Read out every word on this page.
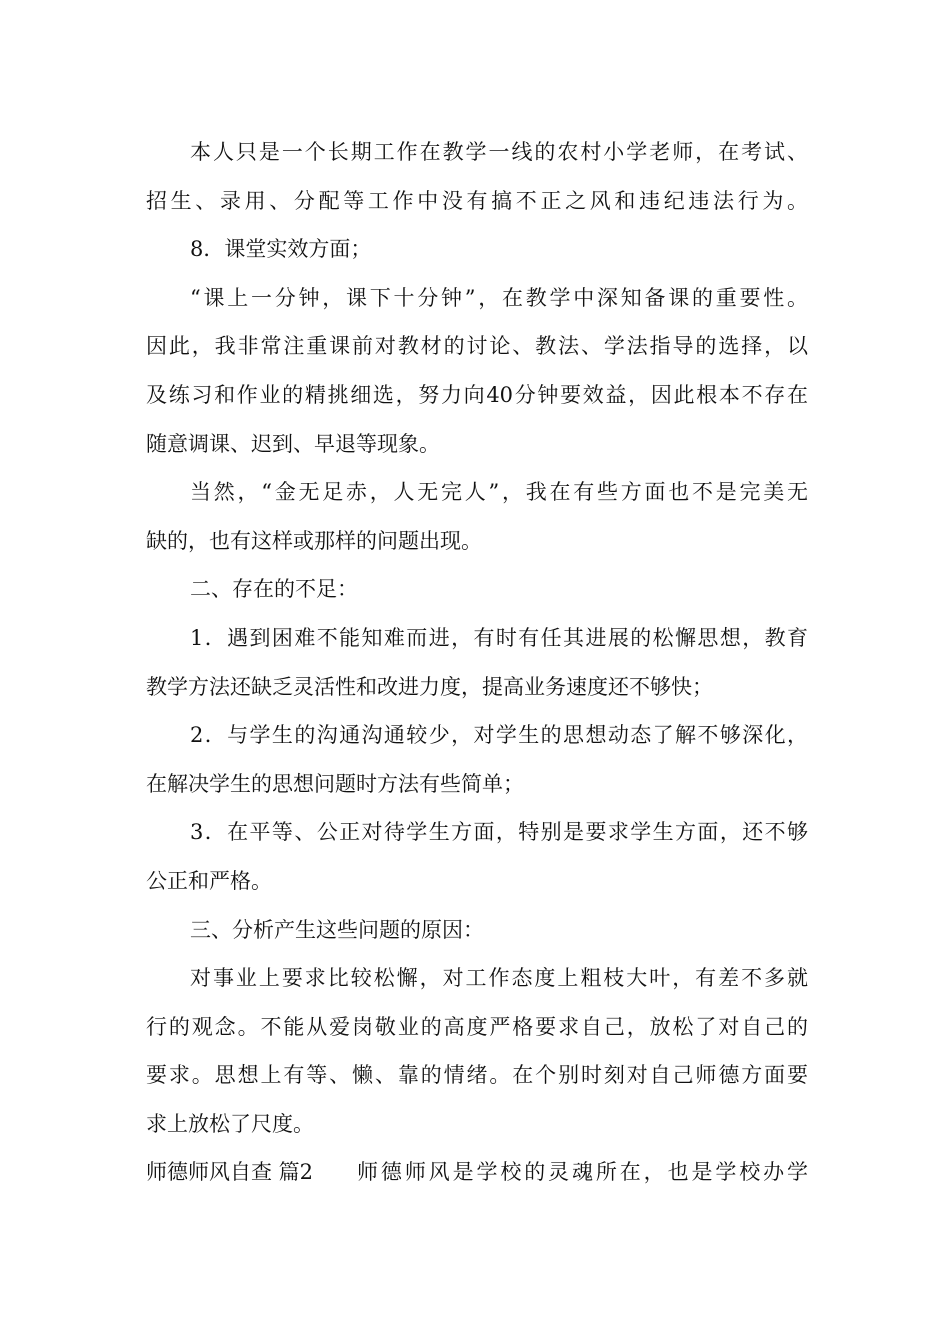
本人只是一个长期工作在教学一线的农村小学老师，在考试、
招生、录用、分配等工作中没有搞不正之风和违纪违法行为。
8．课堂实效方面；
“课上一分钟，课下十分钟”，在教学中深知备课的重要性。
因此，我非常注重课前对教材的讨论、教法、学法指导的选择，以
及练习和作业的精挑细选，努力向40分钟要效益，因此根本不存在
随意调课、迟到、早退等现象。
当然，“金无足赤，人无完人”，我在有些方面也不是完美无
缺的，也有这样或那样的问题出现。
二、存在的不足：
1．遇到困难不能知难而进，有时有任其进展的松懈思想，教育
教学方法还缺乏灵活性和改进力度，提高业务速度还不够快；
2．与学生的沟通沟通较少，对学生的思想动态了解不够深化，
在解决学生的思想问题时方法有些简单；
3．在平等、公正对待学生方面，特别是要求学生方面，还不够
公正和严格。
三、分析产生这些问题的原因：
对事业上要求比较松懈，对工作态度上粗枝大叶，有差不多就
行的观念。不能从爱岗敬业的高度严格要求自己，放松了对自己的
要求。思想上有等、懒、靠的情绪。在个别时刻对自己师德方面要
求上放松了尺度。
师德师风自查 篇2	师德师风是学校的灵魂所在，也是学校办学
